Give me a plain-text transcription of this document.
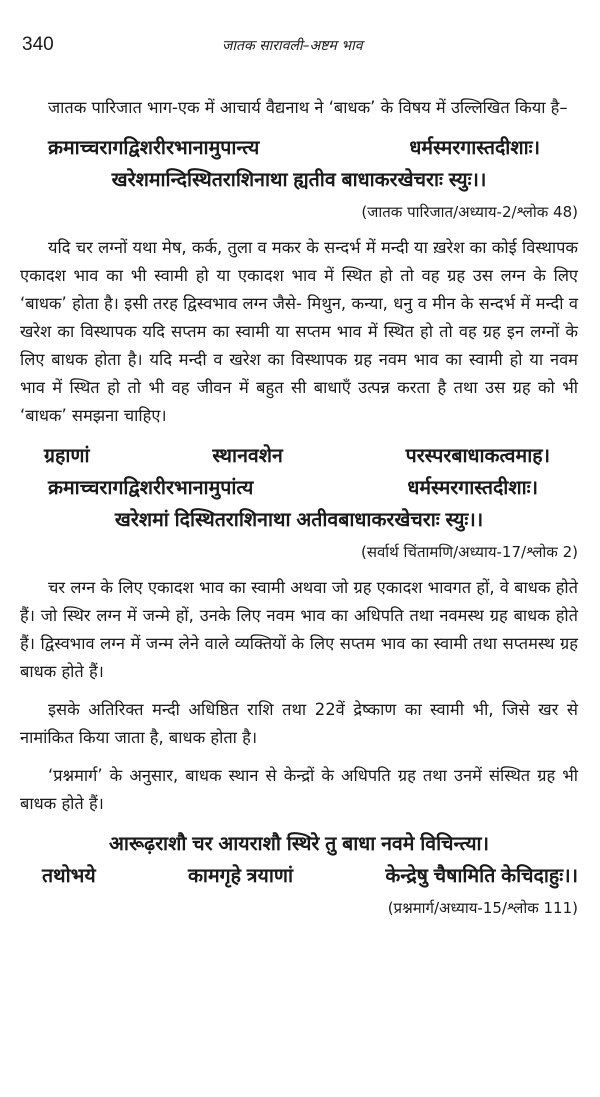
340	जातक सारावली–अष्टम भाव

जातक पारिजात भाग-एक में आचार्य वैद्यनाथ ने ‘बाधक’ के विषय में उल्लिखित किया है–

क्रमाच्चरागद्विशरीरभानामुपान्त्य	धर्मस्मरगास्तदीशाः।
खरेशमान्दिस्थितराशिनाथा ह्यतीव बाधाकरखेचराः स्युः।।
(जातक पारिजात/अध्याय-2/श्लोक 48)

यदि चर लग्नों यथा मेष, कर्क, तुला व मकर के सन्दर्भ में मन्दी या ख़रेश का कोई विस्थापक एकादश भाव का भी स्वामी हो या एकादश भाव में स्थित हो तो वह ग्रह उस लग्न के लिए ‘बाधक’ होता है। इसी तरह द्विस्वभाव लग्न जैसे- मिथुन, कन्या, धनु व मीन के सन्दर्भ में मन्दी व खरेश का विस्थापक यदि सप्तम का स्वामी या सप्तम भाव में स्थित हो तो वह ग्रह इन लग्नों के लिए बाधक होता है। यदि मन्दी व खरेश का विस्थापक ग्रह नवम भाव का स्वामी हो या नवम भाव में स्थित हो तो भी वह जीवन में बहुत सी बाधाएँ उत्पन्न करता है तथा उस ग्रह को भी ‘बाधक’ समझना चाहिए।

ग्रहाणां	स्थानवशेन	परस्परबाधाकत्वमाह।
क्रमाच्चरागद्विशरीरभानामुपांत्य	धर्मस्मरगास्तदीशाः।
खरेशमां दिस्थितराशिनाथा अतीवबाधाकरखेचराः स्युः।।
(सर्वार्थ चिंतामणि/अध्याय-17/श्लोक 2)

चर लग्न के लिए एकादश भाव का स्वामी अथवा जो ग्रह एकादश भावगत हों, वे बाधक होते हैं। जो स्थिर लग्न में जन्मे हों, उनके लिए नवम भाव का अधिपति तथा नवमस्थ ग्रह बाधक होते हैं। द्विस्वभाव लग्न में जन्म लेने वाले व्यक्तियों के लिए सप्तम भाव का स्वामी तथा सप्तमस्थ ग्रह बाधक होते हैं।

इसके अतिरिक्त मन्दी अधिष्ठित राशि तथा 22वें द्रेष्काण का स्वामी भी, जिसे खर से नामांकित किया जाता है, बाधक होता है।

‘प्रश्नमार्ग’ के अनुसार, बाधक स्थान से केन्द्रों के अधिपति ग्रह तथा उनमें संस्थित ग्रह भी बाधक होते हैं।

आरूढ़राशौ चर आयराशौ स्थिरे तु बाधा नवमे विचिन्त्या।
तथोभये	कामगृहे त्रयाणां	केन्द्रेषु चैषामिति केचिदाहुः।।
(प्रश्नमार्ग/अध्याय-15/श्लोक 111)
